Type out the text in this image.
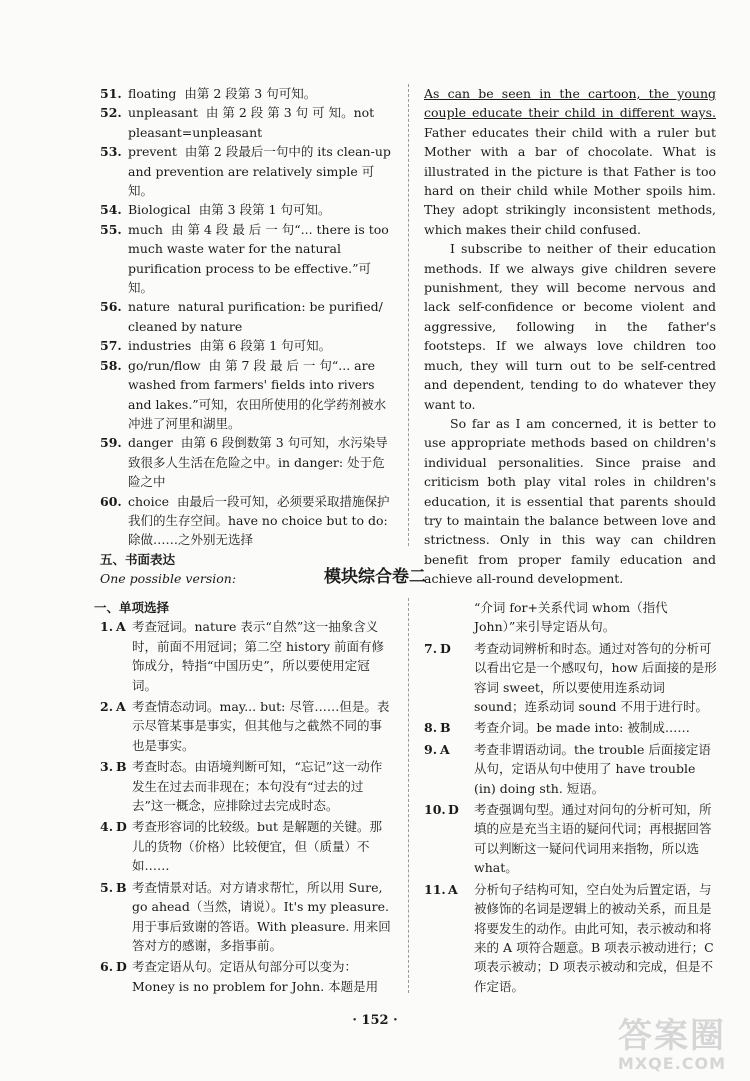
51. floating 由第 2 段第 3 句可知。

52. unpleasant 由 第 2 段 第 3 句 可 知。not pleasant=unpleasant

53. prevent 由第 2 段最后一句中的 its clean-up and prevention are relatively simple 可知。

54. Biological 由第 3 段第 1 句可知。

55. much 由 第 4 段 最 后 一 句“... there is too much waste water for the natural purification process to be effective.”可知。

56. nature natural purification: be purified/ cleaned by nature

57. industries 由第 6 段第 1 句可知。

58. go/run/flow 由 第 7 段 最 后 一 句“... are washed from farmers' fields into rivers and lakes.”可知，农田所使用的化学药剂被水冲进了河里和湖里。

59. danger 由第 6 段倒数第 3 句可知，水污染导致很多人生活在危险之中。in danger: 处于危险之中

60. choice 由最后一段可知，必须要采取措施保护我们的生存空间。have no choice but to do: 除做……之外别无选择

五、书面表达

One possible version:

As can be seen in the cartoon, the young couple educate their child in different ways. Father educates their child with a ruler but Mother with a bar of chocolate. What is illustrated in the picture is that Father is too hard on their child while Mother spoils him. They adopt strikingly inconsistent methods, which makes their child confused.

I subscribe to neither of their education methods. If we always give children severe punishment, they will become nervous and lack self-confidence or become violent and aggressive, following in the father's footsteps. If we always love children too much, they will turn out to be self-centred and dependent, tending to do whatever they want to.

So far as I am concerned, it is better to use appropriate methods based on children's individual personalities. Since praise and criticism both play vital roles in children's education, it is essential that parents should try to maintain the balance between love and strictness. Only in this way can children benefit from proper family education and achieve all-round development.

模块综合卷二

一、单项选择

1. A 考查冠词。nature 表示“自然”这一抽象含义时，前面不用冠词；第二空 history 前面有修饰成分，特指“中国历史”，所以要使用定冠词。

2. A 考查情态动词。may... but: 尽管……但是。表示尽管某事是事实，但其他与之截然不同的事也是事实。

3. B 考查时态。由语境判断可知，“忘记”这一动作发生在过去而非现在；本句没有“过去的过去”这一概念，应排除过去完成时态。

4. D 考查形容词的比较级。but 是解题的关键。那儿的货物（价格）比较便宜，但（质量）不如……

5. B 考查情景对话。对方请求帮忙，所以用 Sure, go ahead（当然，请说）。It's my pleasure. 用于事后致谢的答语。With pleasure. 用来回答对方的感谢，多指事前。

6. D 考查定语从句。定语从句部分可以变为：Money is no problem for John. 本题是用

“介词 for+关系代词 whom（指代 John）”来引导定语从句。

7. D	考查动词辨析和时态。通过对答句的分析可以看出它是一个感叹句，how 后面接的是形容词 sweet，所以要使用连系动词 sound；连系动词 sound 不用于进行时。

8. B	考查介词。be made into: 被制成……

9. A	考查非谓语动词。the trouble 后面接定语从句，定语从句中使用了 have trouble (in) doing sth. 短语。

10. D	考查强调句型。通过对问句的分析可知，所填的应是充当主语的疑问代词；再根据回答可以判断这一疑问代词用来指物，所以选 what。

11. A	分析句子结构可知，空白处为后置定语，与被修饰的名词是逻辑上的被动关系，而且是将要发生的动作。由此可知，表示被动和将来的 A 项符合题意。B 项表示被动进行；C 项表示被动；D 项表示被动和完成，但是不作定语。

· 152 ·	答案圈
MXQE.COM
